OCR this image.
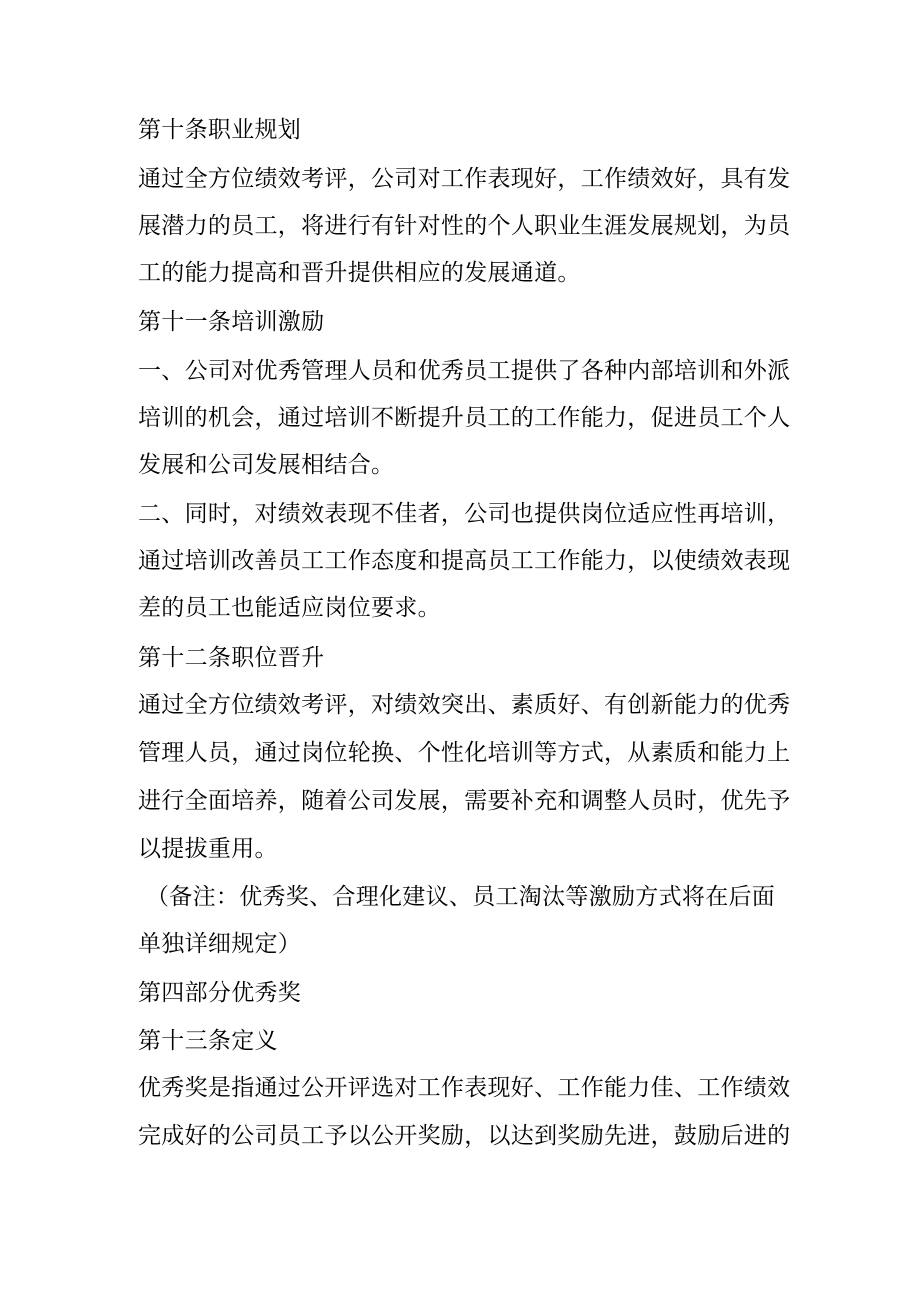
第十条职业规划
通过全方位绩效考评，公司对工作表现好，工作绩效好，具有发
展潜力的员工，将进行有针对性的个人职业生涯发展规划，为员
工的能力提高和晋升提供相应的发展通道。
第十一条培训激励
一、公司对优秀管理人员和优秀员工提供了各种内部培训和外派
培训的机会，通过培训不断提升员工的工作能力，促进员工个人
发展和公司发展相结合。
二、同时，对绩效表现不佳者，公司也提供岗位适应性再培训，
通过培训改善员工工作态度和提高员工工作能力，以使绩效表现
差的员工也能适应岗位要求。
第十二条职位晋升
通过全方位绩效考评，对绩效突出、素质好、有创新能力的优秀
管理人员，通过岗位轮换、个性化培训等方式，从素质和能力上
进行全面培养，随着公司发展，需要补充和调整人员时，优先予
以提拔重用。
（备注：优秀奖、合理化建议、员工淘汰等激励方式将在后面
单独详细规定）
第四部分优秀奖
第十三条定义
优秀奖是指通过公开评选对工作表现好、工作能力佳、工作绩效
完成好的公司员工予以公开奖励，以达到奖励先进，鼓励后进的
